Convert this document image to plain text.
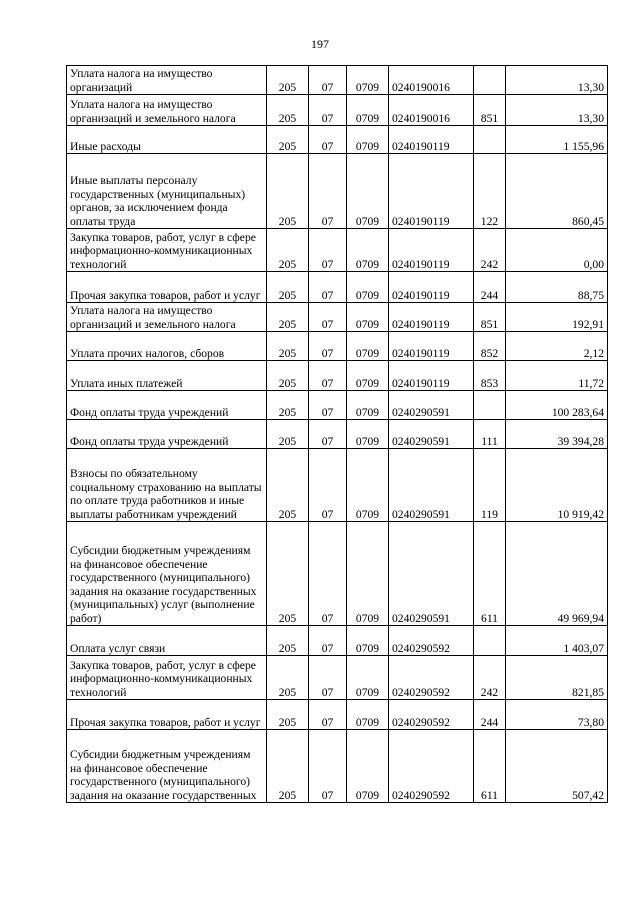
197
Уплата налога на имущество организаций	205	07	0709	0240190016		13,30
Уплата налога на имущество организаций и земельного налога	205	07	0709	0240190016	851	13,30
Иные расходы	205	07	0709	0240190119		1 155,96
Иные выплаты персоналу государственных (муниципальных) органов, за исключением фонда оплаты труда	205	07	0709	0240190119	122	860,45
Закупка товаров, работ, услуг в сфере информационно-коммуникационных технологий	205	07	0709	0240190119	242	0,00
Прочая закупка товаров, работ и услуг	205	07	0709	0240190119	244	88,75
Уплата налога на имущество организаций и земельного налога	205	07	0709	0240190119	851	192,91
Уплата прочих налогов, сборов	205	07	0709	0240190119	852	2,12
Уплата иных платежей	205	07	0709	0240190119	853	11,72
Фонд оплаты труда учреждений	205	07	0709	0240290591		100 283,64
Фонд оплаты труда учреждений	205	07	0709	0240290591	111	39 394,28
Взносы по обязательному социальному страхованию на выплаты по оплате труда работников и иные выплаты работникам учреждений	205	07	0709	0240290591	119	10 919,42
Субсидии бюджетным учреждениям на финансовое обеспечение государственного (муниципального) задания на оказание государственных (муниципальных) услуг (выполнение работ)	205	07	0709	0240290591	611	49 969,94
Оплата услуг связи	205	07	0709	0240290592		1 403,07
Закупка товаров, работ, услуг в сфере информационно-коммуникационных технологий	205	07	0709	0240290592	242	821,85
Прочая закупка товаров, работ и услуг	205	07	0709	0240290592	244	73,80
Субсидии бюджетным учреждениям на финансовое обеспечение государственного (муниципального) задания на оказание государственных	205	07	0709	0240290592	611	507,42
